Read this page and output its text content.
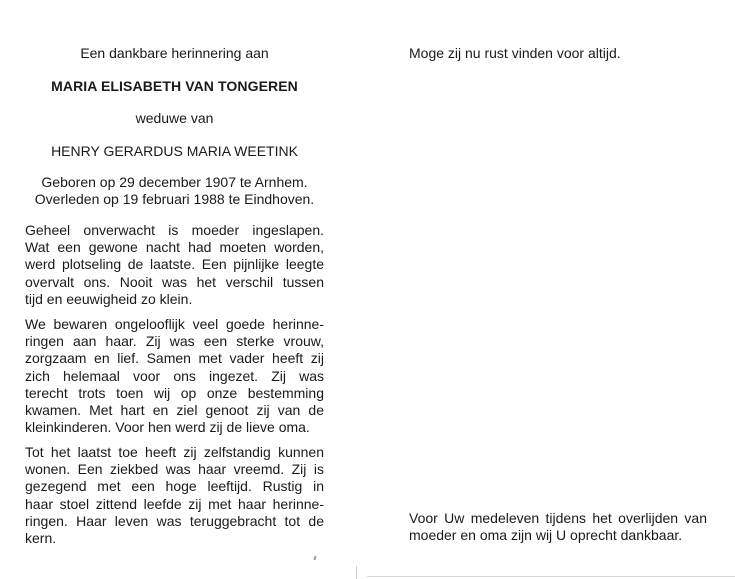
Een dankbare herinnering aan
MARIA ELISABETH VAN TONGEREN
weduwe van
HENRY GERARDUS MARIA WEETINK
Geboren op 29 december 1907 te Arnhem.
Overleden op 19 februari 1988 te Eindhoven.
Geheel onverwacht is moeder ingeslapen.
Wat een gewone nacht had moeten worden,
werd plotseling de laatste. Een pijnlijke leegte
overvalt ons. Nooit was het verschil tussen
tijd en eeuwigheid zo klein.
We bewaren ongelooflijk veel goede herinne-
ringen aan haar. Zij was een sterke vrouw,
zorgzaam en lief. Samen met vader heeft zij
zich helemaal voor ons ingezet. Zij was
terecht trots toen wij op onze bestemming
kwamen. Met hart en ziel genoot zij van de
kleinkinderen. Voor hen werd zij de lieve oma.
Tot het laatst toe heeft zij zelfstandig kunnen
wonen. Een ziekbed was haar vreemd. Zij is
gezegend met een hoge leeftijd. Rustig in
haar stoel zittend leefde zij met haar herinne-
ringen. Haar leven was teruggebracht tot de
kern.
Moge zij nu rust vinden voor altijd.
Voor Uw medeleven tijdens het overlijden van
moeder en oma zijn wij U oprecht dankbaar.
